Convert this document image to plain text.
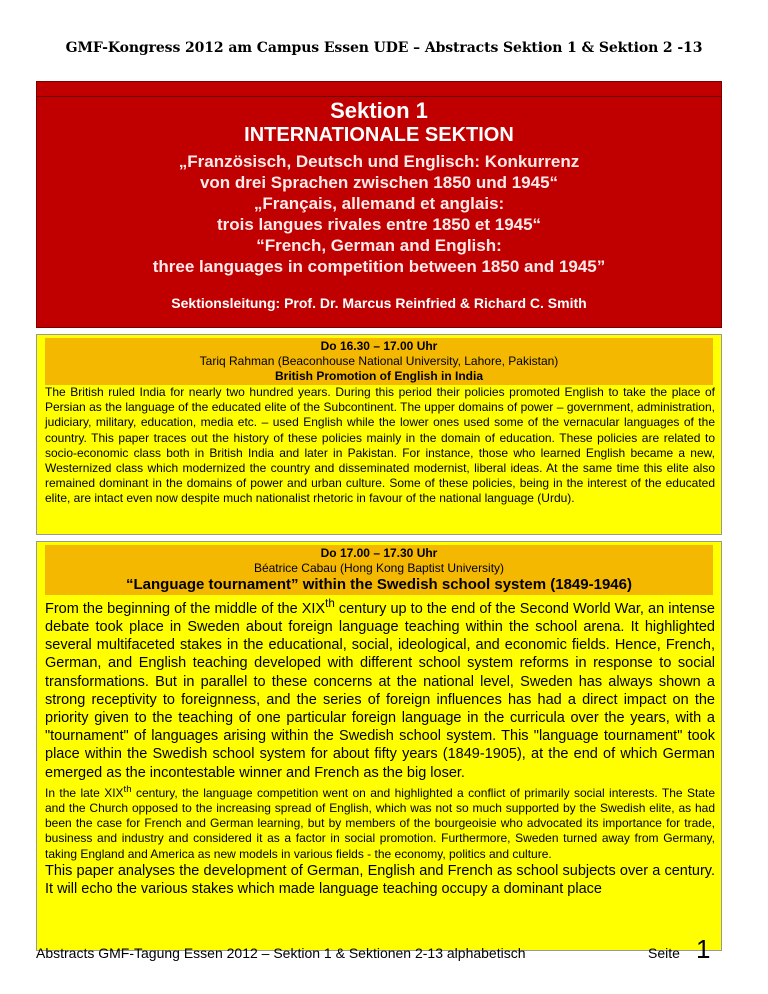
GMF-Kongress 2012 am Campus Essen UDE – Abstracts Sektion 1 & Sektion 2 -13
Sektion 1
INTERNATIONALE SEKTION
„Französisch, Deutsch und Englisch: Konkurrenz
von drei Sprachen zwischen 1850 und 1945“
„Français, allemand et anglais:
trois langues rivales entre 1850 et 1945“
“French, German and English:
three languages in competition between 1850 and 1945”
Sektionsleitung: Prof. Dr. Marcus Reinfried & Richard C. Smith
Do 16.30 – 17.00 Uhr
Tariq Rahman (Beaconhouse National University, Lahore, Pakistan)
British Promotion of English in India
The British ruled India for nearly two hundred years. During this period their policies promoted English to take the place of Persian as the language of the educated elite of the Subcontinent. The upper domains of power – government, administration, judiciary, military, education, media etc. – used English while the lower ones used some of the vernacular languages of the country. This paper traces out the history of these policies mainly in the domain of education. These policies are related to socio-economic class both in British India and later in Pakistan. For instance, those who learned English became a new, Westernized class which modernized the country and disseminated modernist, liberal ideas. At the same time this elite also remained dominant in the domains of power and urban culture. Some of these policies, being in the interest of the educated elite, are intact even now despite much nationalist rhetoric in favour of the national language (Urdu).
Do 17.00 – 17.30 Uhr
Béatrice Cabau (Hong Kong Baptist University)
“Language tournament” within the Swedish school system (1849-1946)
From the beginning of the middle of the XIXth century up to the end of the Second World War, an intense debate took place in Sweden about foreign language teaching within the school arena. It highlighted several multifaceted stakes in the educational, social, ideological, and economic fields. Hence, French, German, and English teaching developed with different school system reforms in response to social transformations. But in parallel to these concerns at the national level, Sweden has always shown a strong receptivity to foreignness, and the series of foreign influences has had a direct impact on the priority given to the teaching of one particular foreign language in the curricula over the years, with a "tournament" of languages arising within the Swedish school system. This "language tournament" took place within the Swedish school system for about fifty years (1849-1905), at the end of which German emerged as the incontestable winner and French as the big loser.
In the late XIXth century, the language competition went on and highlighted a conflict of primarily social interests. The State and the Church opposed to the increasing spread of English, which was not so much supported by the Swedish elite, as had been the case for French and German learning, but by members of the bourgeoisie who advocated its importance for trade, business and industry and considered it as a factor in social promotion. Furthermore, Sweden turned away from Germany, taking England and America as new models in various fields - the economy, politics and culture.
This paper analyses the development of German, English and French as school subjects over a century. It will echo the various stakes which made language teaching occupy a dominant place
Abstracts GMF-Tagung Essen 2012 – Sektion 1 & Sektionen 2-13 alphabetisch	Seite 1
